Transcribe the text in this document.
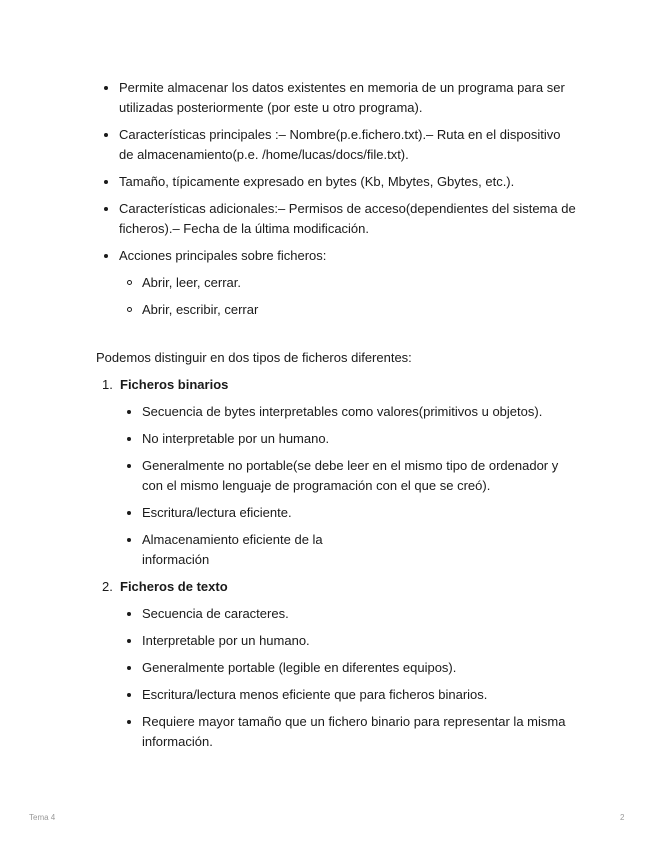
Permite almacenar los datos existentes en memoria de un programa para ser utilizadas posteriormente (por este u otro programa).
Características principales :– Nombre(p.e.fichero.txt).– Ruta en el dispositivo de almacenamiento(p.e. /home/lucas/docs/file.txt).
Tamaño, típicamente expresado en bytes (Kb, Mbytes, Gbytes, etc.).
Características adicionales:– Permisos de acceso(dependientes del sistema de ficheros).– Fecha de la última modificación.
Acciones principales sobre ficheros:
Abrir, leer, cerrar.
Abrir, escribir, cerrar

Podemos distinguir en dos tipos de ficheros diferentes:

1. Ficheros binarios
Secuencia de bytes interpretables como valores(primitivos u objetos).
No interpretable por un humano.
Generalmente no portable(se debe leer en el mismo tipo de ordenador y con el mismo lenguaje de programación con el que se creó).
Escritura/lectura eficiente.
Almacenamiento eficiente de la información
2. Ficheros de texto
Secuencia de caracteres.
Interpretable por un humano.
Generalmente portable (legible en diferentes equipos).
Escritura/lectura menos eficiente que para ficheros binarios.
Requiere mayor tamaño que un fichero binario para representar la misma información.
Tema 4	2
